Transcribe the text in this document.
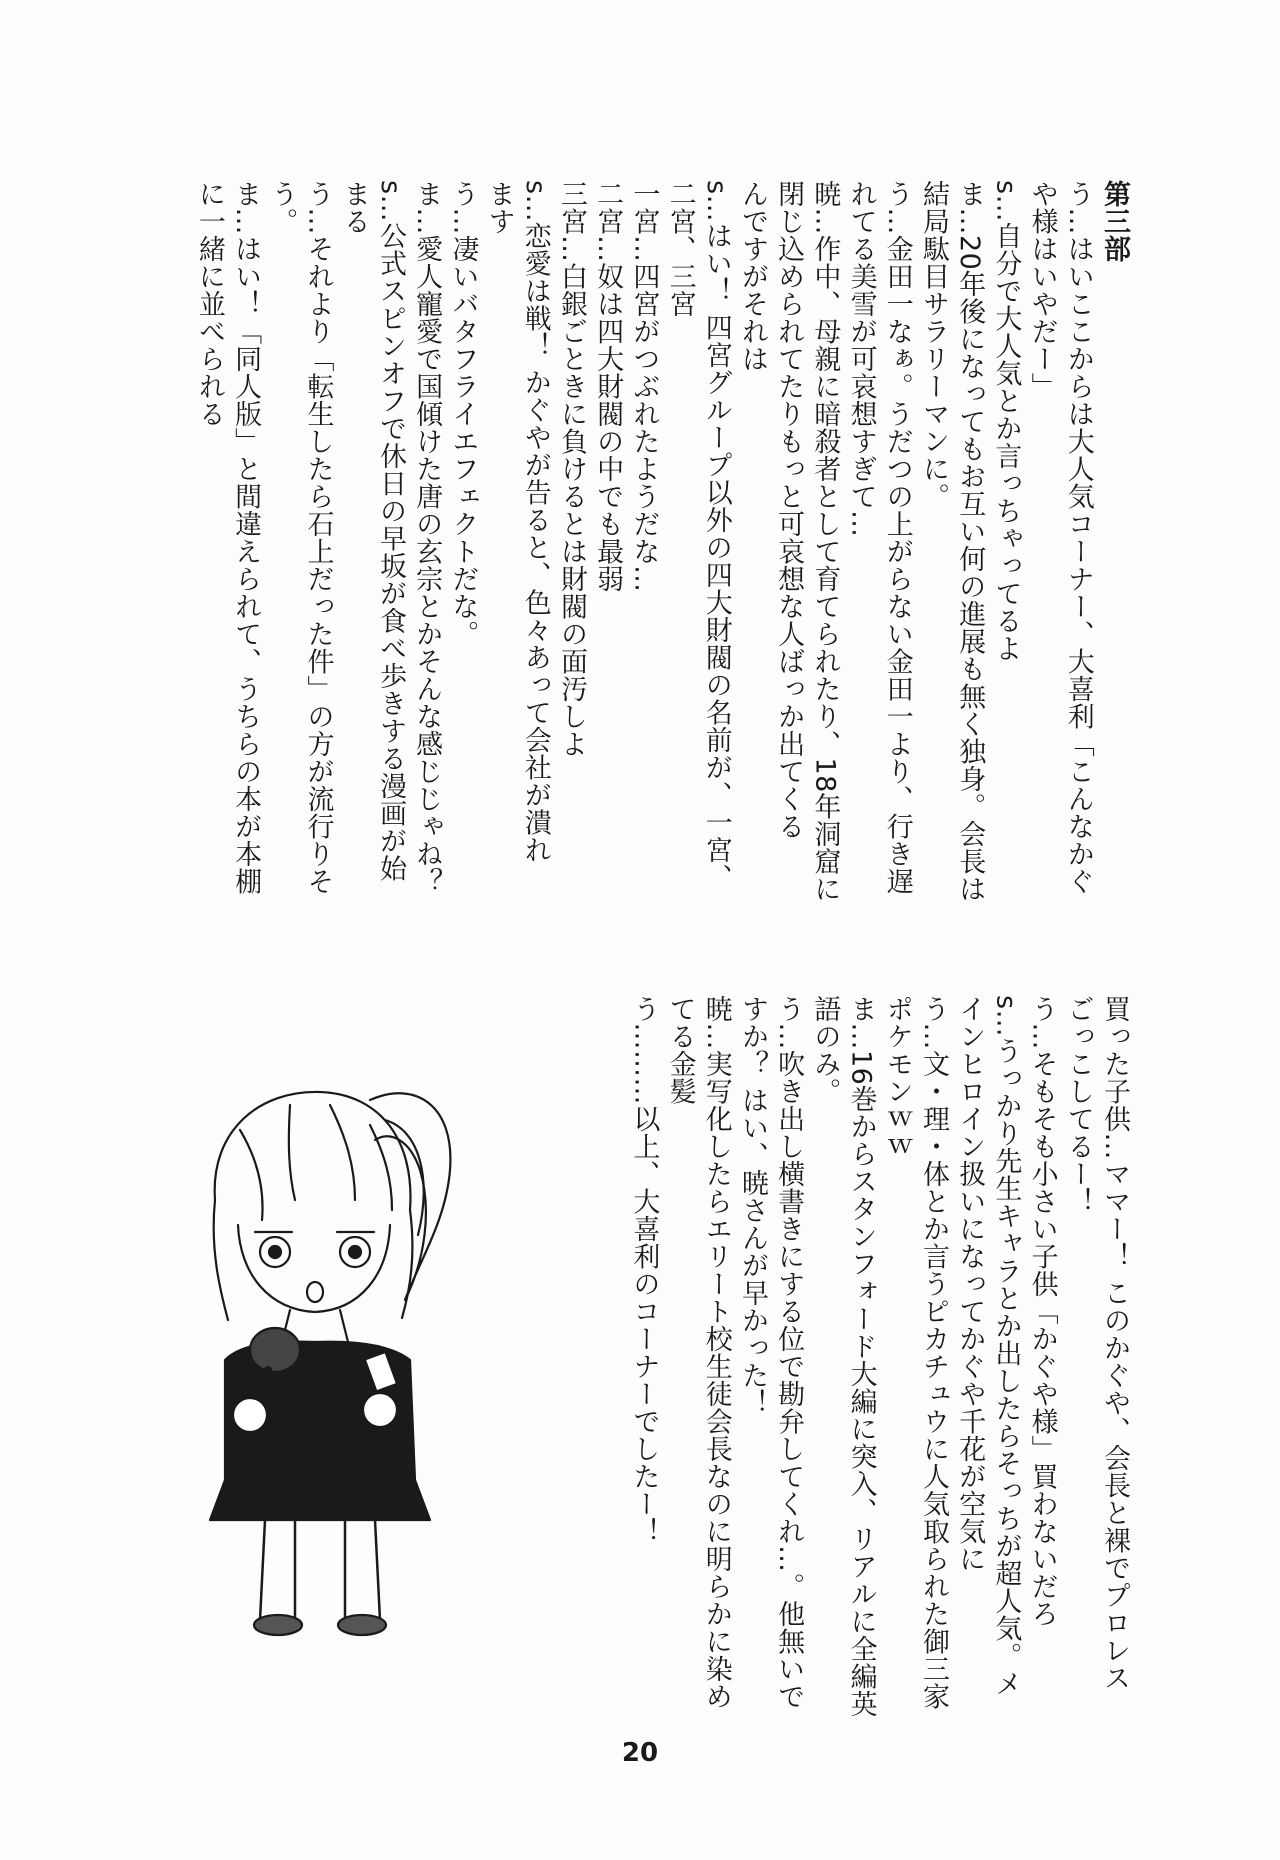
第三部
う…はいここからは大人気コーナー、大喜利「こんなかぐ
や様はいやだー」
s…自分で大人気とか言っちゃってるよ
ま…20年後になってもお互い何の進展も無く独身。会長は
結局駄目サラリーマンに。
う…金田一なぁ。うだつの上がらない金田一より、行き遅
れてる美雪が可哀想すぎて…
暁…作中、母親に暗殺者として育てられたり、18年洞窟に
閉じ込められてたりもっと可哀想な人ばっか出てくる
んですがそれは
s…はい！ 四宮グループ以外の四大財閥の名前が、一宮、
二宮、三宮
一宮…四宮がつぶれたようだな…
二宮…奴は四大財閥の中でも最弱
三宮…白銀ごときに負けるとは財閥の面汚しよ
s…恋愛は戦！ かぐやが告ると、色々あって会社が潰れ
ます
う…凄いバタフライエフェクトだな。
ま…愛人寵愛で国傾けた唐の玄宗とかそんな感じじゃね？
s…公式スピンオフで休日の早坂が食べ歩きする漫画が始
まる
う…それより「転生したら石上だった件」の方が流行りそ
う。
ま…はい！「同人版」と間違えられて、うちらの本が本棚
に一緒に並べられる
買った子供…ママー！ このかぐや、会長と裸でプロレス
ごっこしてるー！
う…そもそも小さい子供「かぐや様」買わないだろ
s…うっかり先生キャラとか出したらそっちが超人気。メ
インヒロイン扱いになってかぐや千花が空気に
う…文・理・体とか言うピカチュウに人気取られた御三家
ポケモンｗｗ
ま…16巻からスタンフォード大編に突入、リアルに全編英
語のみ。
う…吹き出し横書きにする位で勘弁してくれ…。他無いで
すか？ はい、暁さんが早かった！
暁…実写化したらエリート校生徒会長なのに明らかに染め
てる金髪
う………以上、大喜利のコーナーでしたー！
20
